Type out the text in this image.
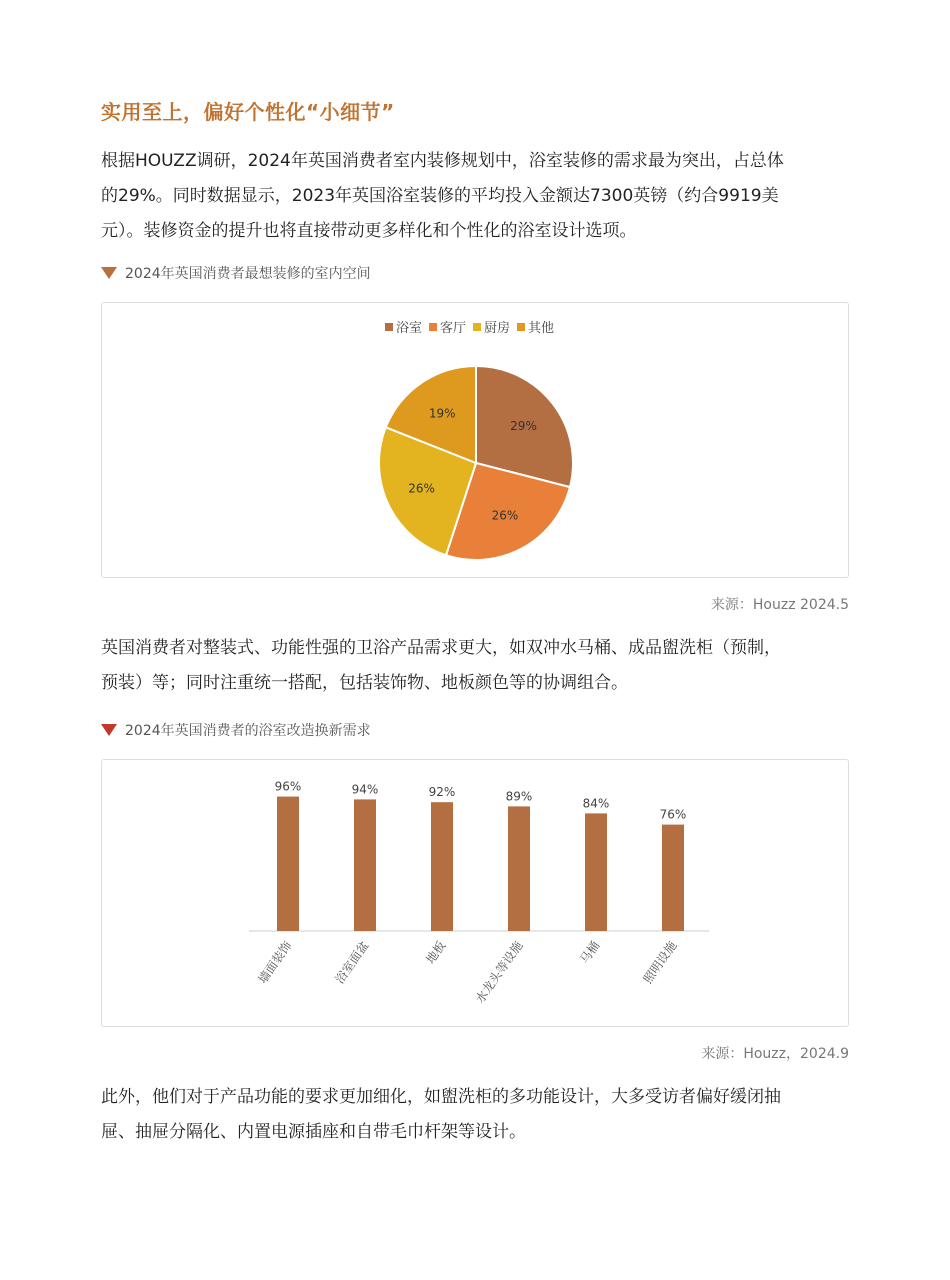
实用至上，偏好个性化“小细节”
根据HOUZZ调研，2024年英国消费者室内装修规划中，浴室装修的需求最为突出，占总体
的29%。同时数据显示，2023年英国浴室装修的平均投入金额达7300英镑（约合9919美
元）。装修资金的提升也将直接带动更多样化和个性化的浴室设计选项。
2024年英国消费者最想装修的室内空间
浴室 客厅 厨房 其他
29%
26%
26%
19%
来源：Houzz 2024.5
英国消费者对整装式、功能性强的卫浴产品需求更大，如双冲水马桶、成品盥洗柜（预制，
预装）等；同时注重统一搭配，包括装饰物、地板颜色等的协调组合。
2024年英国消费者的浴室改造换新需求
96%
墙面装饰
94%
浴室面盆
92%
地板
89%
水龙头等设施
84%
马桶
76%
照明设施
来源：Houzz，2024.9
此外，他们对于产品功能的要求更加细化，如盥洗柜的多功能设计，大多受访者偏好缓闭抽
屉、抽屉分隔化、内置电源插座和自带毛巾杆架等设计。
